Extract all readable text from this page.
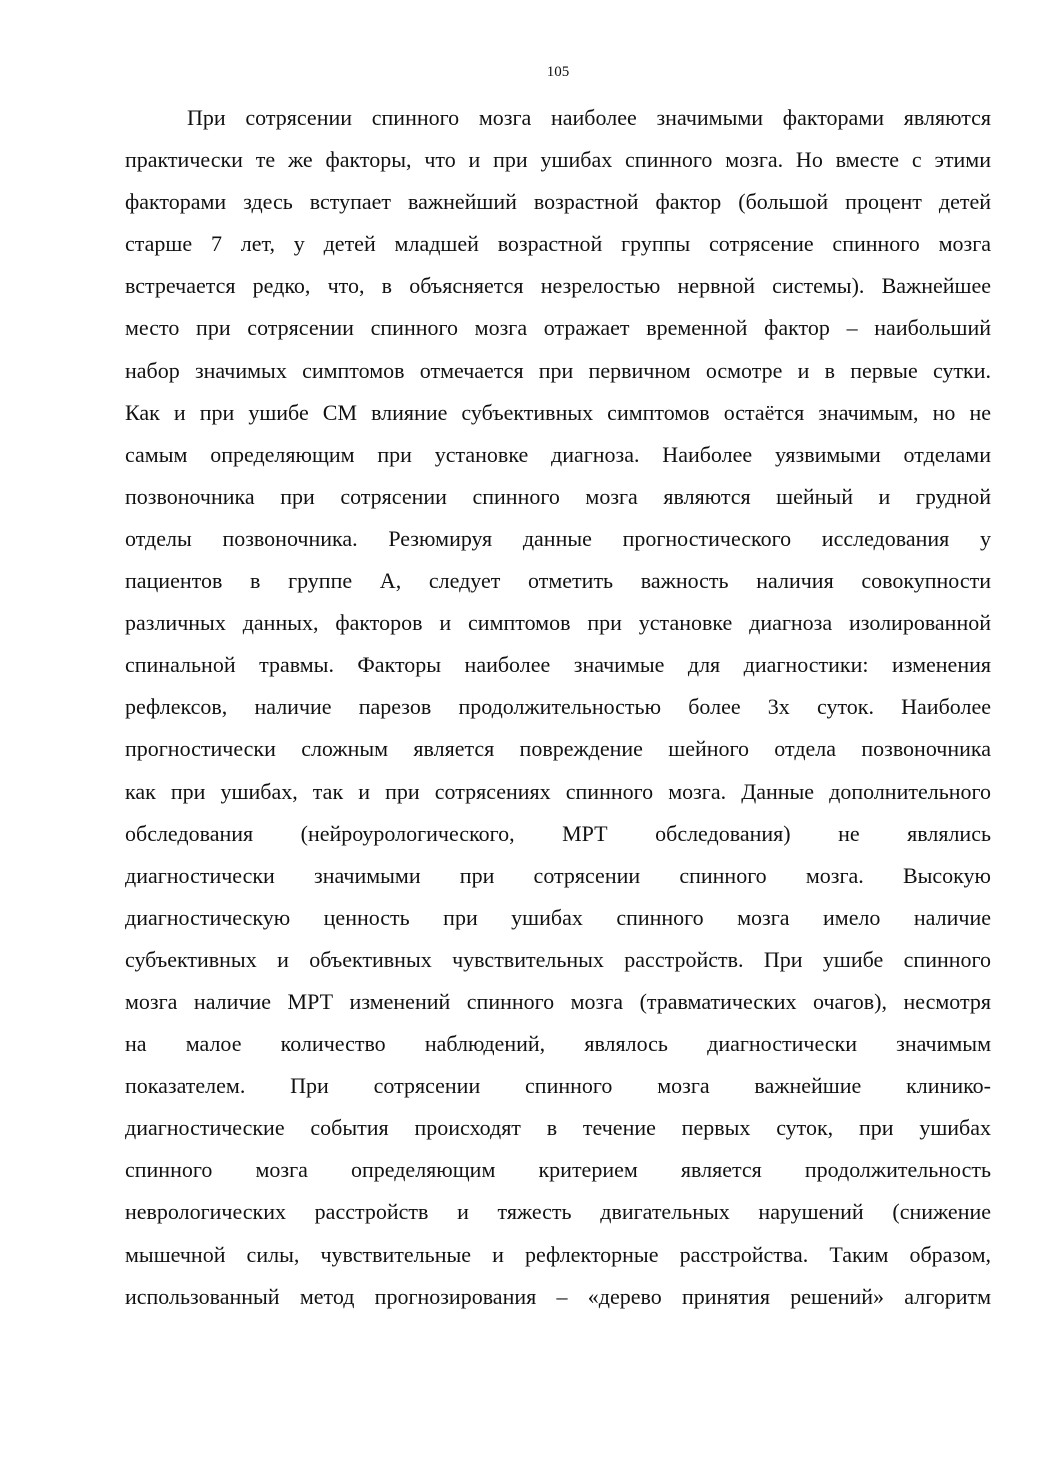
105
При сотрясении спинного мозга наиболее значимыми факторами являются
практически те же факторы, что и при ушибах спинного мозга. Но вместе с этими
факторами здесь вступает важнейший возрастной фактор (большой процент детей
старше 7 лет, у детей младшей возрастной группы сотрясение спинного мозга
встречается редко, что, в объясняется незрелостью нервной системы). Важнейшее
место при сотрясении спинного мозга отражает временной фактор – наибольший
набор значимых симптомов отмечается при первичном осмотре и в первые сутки.
Как и при ушибе СМ влияние субъективных симптомов остаётся значимым, но не
самым определяющим при установке диагноза. Наиболее уязвимыми отделами
позвоночника при сотрясении спинного мозга являются шейный и грудной
отделы позвоночника. Резюмируя данные прогностического исследования у
пациентов в группе А, следует отметить важность наличия совокупности
различных данных, факторов и симптомов при установке диагноза изолированной
спинальной травмы. Факторы наиболее значимые для диагностики: изменения
рефлексов, наличие парезов продолжительностью более 3х суток. Наиболее
прогностически сложным является повреждение шейного отдела позвоночника
как при ушибах, так и при сотрясениях спинного мозга. Данные дополнительного
обследования (нейроурологического, МРТ обследования) не являлись
диагностически значимыми при сотрясении спинного мозга. Высокую
диагностическую ценность при ушибах спинного мозга имело наличие
субъективных и объективных чувствительных расстройств. При ушибе спинного
мозга наличие МРТ изменений спинного мозга (травматических очагов), несмотря
на малое количество наблюдений, являлось диагностически значимым
показателем. При сотрясении спинного мозга важнейшие клинико-
диагностические события происходят в течение первых суток, при ушибах
спинного мозга определяющим критерием является продолжительность
неврологических расстройств и тяжесть двигательных нарушений (снижение
мышечной силы, чувствительные и рефлекторные расстройства. Таким образом,
использованный метод прогнозирования – «дерево принятия решений» алгоритм
